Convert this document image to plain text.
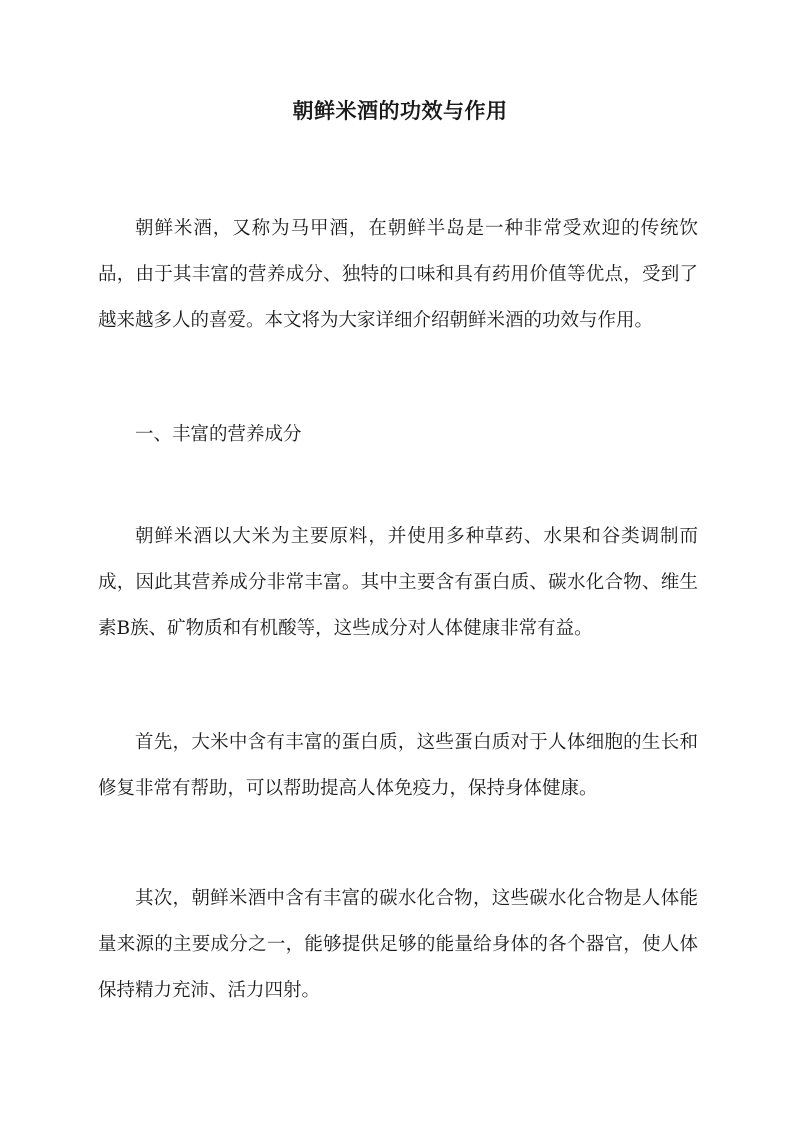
朝鲜米酒的功效与作用

朝鲜米酒，又称为马甲酒，在朝鲜半岛是一种非常受欢迎的传统饮品，由于其丰富的营养成分、独特的口味和具有药用价值等优点，受到了越来越多人的喜爱。本文将为大家详细介绍朝鲜米酒的功效与作用。

一、丰富的营养成分

朝鲜米酒以大米为主要原料，并使用多种草药、水果和谷类调制而成，因此其营养成分非常丰富。其中主要含有蛋白质、碳水化合物、维生素B族、矿物质和有机酸等，这些成分对人体健康非常有益。

首先，大米中含有丰富的蛋白质，这些蛋白质对于人体细胞的生长和修复非常有帮助，可以帮助提高人体免疫力，保持身体健康。

其次，朝鲜米酒中含有丰富的碳水化合物，这些碳水化合物是人体能量来源的主要成分之一，能够提供足够的能量给身体的各个器官，使人体保持精力充沛、活力四射。
